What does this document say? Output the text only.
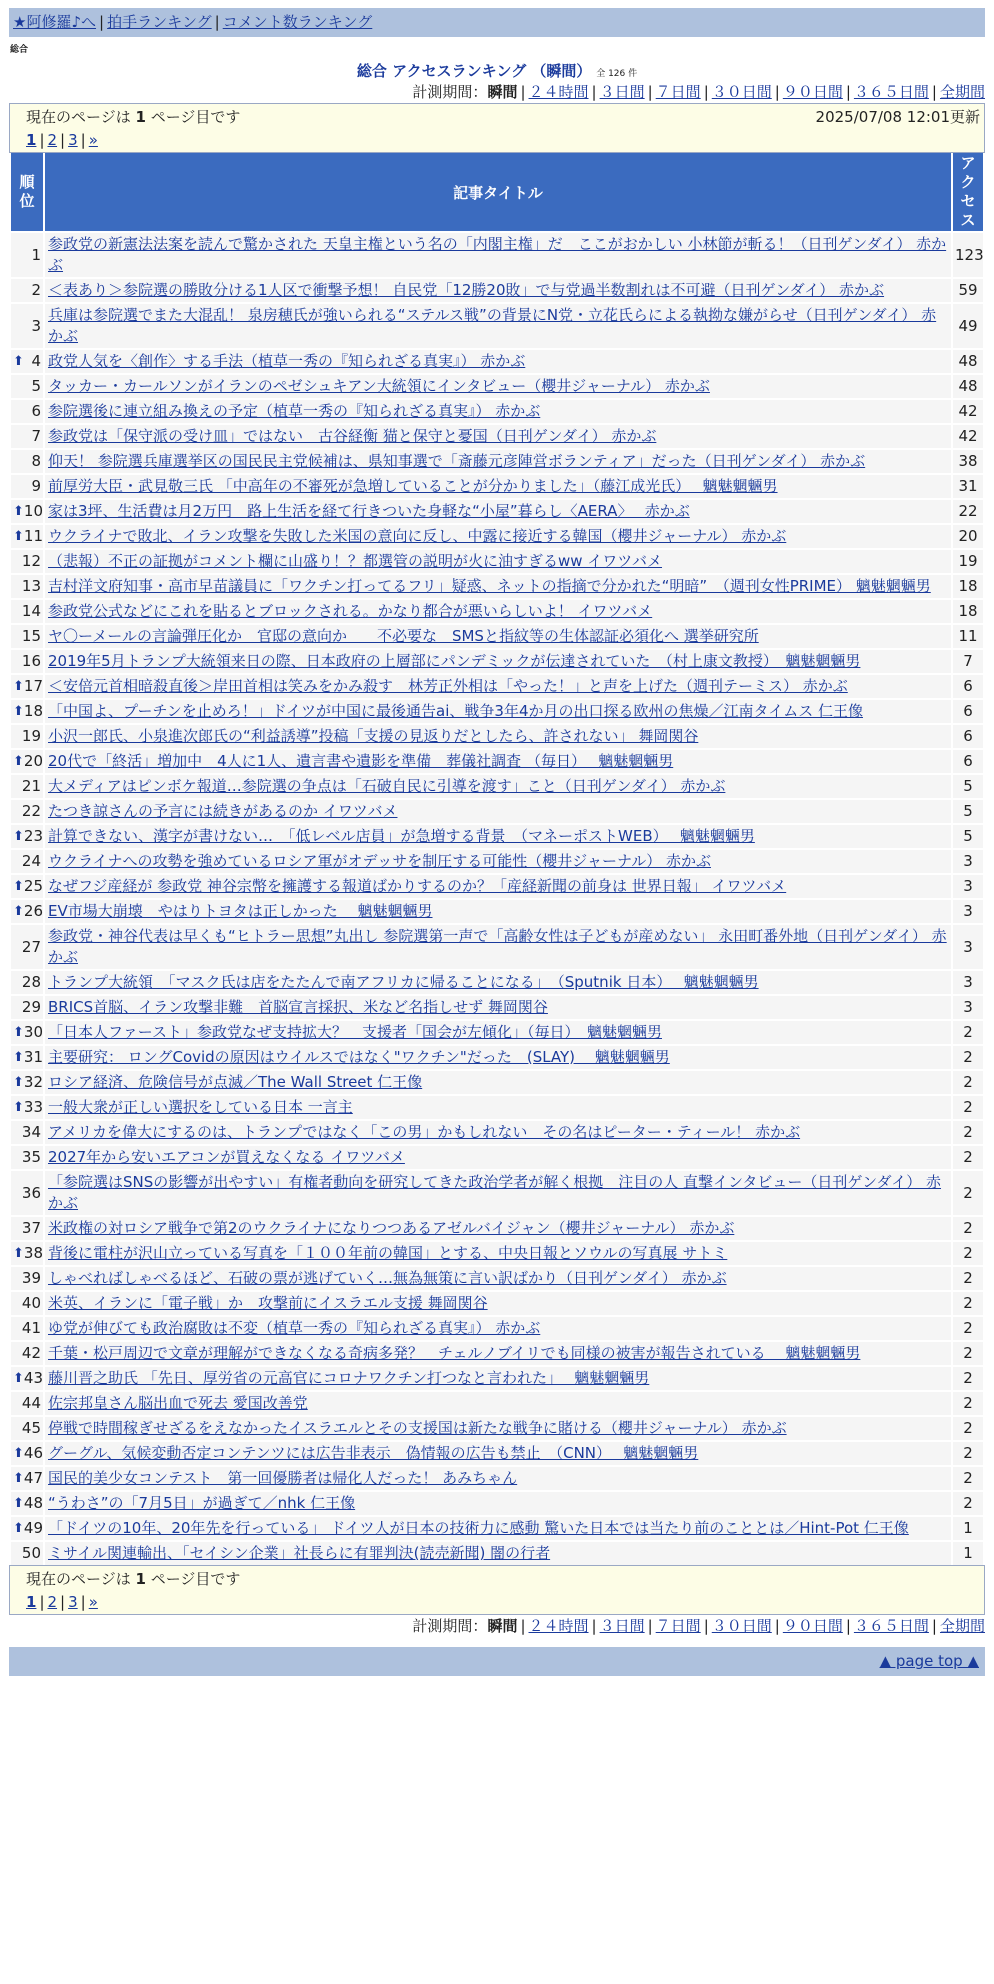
★阿修羅♪へ | 拍手ランキング | コメント数ランキング
総合
総合 アクセスランキング （瞬間） 全 126 件
計測期間：瞬間 | ２４時間 | ３日間 | ７日間 | ３０日間 | ９０日間 | ３６５日間 | 全期間
現在のページは 1 ページ目です	2025/07/08 12:01更新
1 | 2 | 3 | »
順位	記事タイトル	アクセス
1	参政党の新憲法法案を読んで驚かされた 天皇主権という名の「内閣主権」だ　ここがおかしい 小林節が斬る！（日刊ゲンダイ） 赤かぶ	123
2	＜表あり＞参院選の勝敗分ける1人区で衝撃予想！ 自民党「12勝20敗」で与党過半数割れは不可避（日刊ゲンダイ） 赤かぶ	59
3	兵庫は参院選でまた大混乱！ 泉房穂氏が強いられる“ステルス戦”の背景にN党・立花氏らによる執拗な嫌がらせ（日刊ゲンダイ） 赤かぶ	49

⬆ 4	政党人気を〈創作〉する手法（植草一秀の『知られざる真実』） 赤かぶ	48
5	タッカー・カールソンがイランのペゼシュキアン大統領にインタビュー（櫻井ジャーナル） 赤かぶ	48
6	参院選後に連立組み換えの予定（植草一秀の『知られざる真実』） 赤かぶ	42
7	参政党は「保守派の受け皿」ではない　古谷経衡 猫と保守と憂国（日刊ゲンダイ） 赤かぶ	42
8	仰天！ 参院選兵庫選挙区の国民民主党候補は、県知事選で「斎藤元彦陣営ボランティア」だった（日刊ゲンダイ） 赤かぶ	38
9	前厚労大臣・武見敬三氏 「中高年の不審死が急増していることが分かりました」（藤江成光氏）　 魑魅魍魎男	31

⬆ 10	家は3坪、生活費は月2万円　路上生活を経て行きついた身軽な“小屋”暮らし〈AERA〉　 赤かぶ	22

⬆ 11	ウクライナで敗北、イラン攻撃を失敗した米国の意向に反し、中露に接近する韓国（櫻井ジャーナル） 赤かぶ	20
12	（悲報）不正の証拠がコメント欄に山盛り！？都選管の説明が火に油すぎるww イワツバメ	19
13	吉村洋文府知事・高市早苗議員に「ワクチン打ってるフリ」疑惑、ネットの指摘で分かれた“明暗”　（週刊女性PRIME） 魑魅魍魎男	18
14	参政党公式などにこれを貼るとブロックされる。かなり都合が悪いらしいよ！ イワツバメ	18
15	ヤ〇ーメールの言論弾圧化か　官邸の意向か　　不必要な　SMSと指紋等の生体認証必須化へ 選挙研究所	11
16	2019年5月トランプ大統領来日の際、日本政府の上層部にパンデミックが伝達されていた　（村上康文教授）　魑魅魍魎男	7

⬆ 17	＜安倍元首相暗殺直後＞岸田首相は笑みをかみ殺す　林芳正外相は「やった！」と声を上げた（週刊テーミス） 赤かぶ	6

⬆ 18	「中国よ、プーチンを止めろ！」ドイツが中国に最後通告ai、戦争3年4か月の出口探る欧州の焦燥／江南タイムス 仁王像	6
19	小沢一郎氏、小泉進次郎氏の“利益誘導”投稿「支援の見返りだとしたら、許されない」 舞岡関谷	6

⬆ 20	20代で「終活」増加中　4人に1人、遺言書や遺影を準備　葬儀社調査 （毎日）　 魑魅魍魎男	6
21	大メディアはピンボケ報道…参院選の争点は「石破自民に引導を渡す」こと（日刊ゲンダイ） 赤かぶ	5
22	たつき諒さんの予言には続きがあるのか イワツバメ	5

⬆ 23	計算できない、漢字が書けない…　「低レベル店員」が急増する背景　（マネーポストWEB）　 魑魅魍魎男	5
24	ウクライナへの攻勢を強めているロシア軍がオデッサを制圧する可能性（櫻井ジャーナル） 赤かぶ	3

⬆ 25	なぜフジ産経が 参政党 神谷宗幣を擁護する報道ばかりするのか？「産経新聞の前身は 世界日報」 イワツバメ	3

⬆ 26	EV市場大崩壊　やはりトヨタは正しかった　 魑魅魍魎男	3
27	参政党・神谷代表は早くも“ヒトラー思想”丸出し 参院選第一声で「高齢女性は子どもが産めない」 永田町番外地（日刊ゲンダイ） 赤かぶ	3
28	トランプ大統領　「マスク氏は店をたたんで南アフリカに帰ることになる」　（Sputnik 日本）　 魑魅魍魎男	3
29	BRICS首脳、イラン攻撃非難　首脳宣言採択、米など名指しせず 舞岡関谷	3

⬆ 30	「日本人ファースト」参政党なぜ支持拡大？　支援者「国会が左傾化」（毎日）　魑魅魍魎男	2

⬆ 31	主要研究： ロングCovidの原因はウイルスではなく"ワクチン"だった　(SLAY)　 魑魅魍魎男	2

⬆ 32	ロシア経済、危険信号が点滅／The Wall Street 仁王像	2

⬆ 33	一般大衆が正しい選択をしている日本 一言主	2
34	アメリカを偉大にするのは、トランプではなく「この男」かもしれない　その名はピーター・ティール！ 赤かぶ	2
35	2027年から安いエアコンが買えなくなる イワツバメ	2
36	「参院選はSNSの影響が出やすい」有権者動向を研究してきた政治学者が解く根拠　注目の人 直撃インタビュー（日刊ゲンダイ） 赤かぶ	2
37	米政権の対ロシア戦争で第2のウクライナになりつつあるアゼルバイジャン（櫻井ジャーナル） 赤かぶ	2

⬆ 38	背後に電柱が沢山立っている写真を「１００年前の韓国」とする、中央日報とソウルの写真展 サトミ	2
39	しゃべればしゃべるほど、石破の票が逃げていく…無為無策に言い訳ばかり（日刊ゲンダイ） 赤かぶ	2
40	米英、イランに「電子戦」か　攻撃前にイスラエル支援 舞岡関谷	2
41	ゆ党が伸びても政治腐敗は不変（植草一秀の『知られざる真実』） 赤かぶ	2
42	千葉・松戸周辺で文章が理解ができなくなる奇病多発？　チェルノブイリでも同様の被害が報告されている　 魑魅魍魎男	2

⬆ 43	藤川晋之助氏 「先日、厚労省の元高官にコロナワクチン打つなと言われた」　 魑魅魍魎男	2
44	佐宗邦皇さん脳出血で死去 愛国改善党	2
45	停戦で時間稼ぎせざるをえなかったイスラエルとその支援国は新たな戦争に賭ける（櫻井ジャーナル） 赤かぶ	2

⬆ 46	グーグル、気候変動否定コンテンツには広告非表示　偽情報の広告も禁止　（CNN）　 魑魅魍魎男	2

⬆ 47	国民的美少女コンテスト　第一回優勝者は帰化人だった！ あみちゃん	2

⬆ 48	“うわさ”の「7月5日」が過ぎて／nhk 仁王像	2

⬆ 49	「ドイツの10年、20年先を行っている」 ドイツ人が日本の技術力に感動 驚いた日本では当たり前のこととは／Hint-Pot 仁王像	1
50	ミサイル関連輸出、「セイシン企業」社長らに有罪判決(読売新聞) 闇の行者	1
現在のページは 1 ページ目です
1 | 2 | 3 | »
計測期間：瞬間 | ２４時間 | ３日間 | ７日間 | ３０日間 | ９０日間 | ３６５日間 | 全期間
▲ page top ▲
